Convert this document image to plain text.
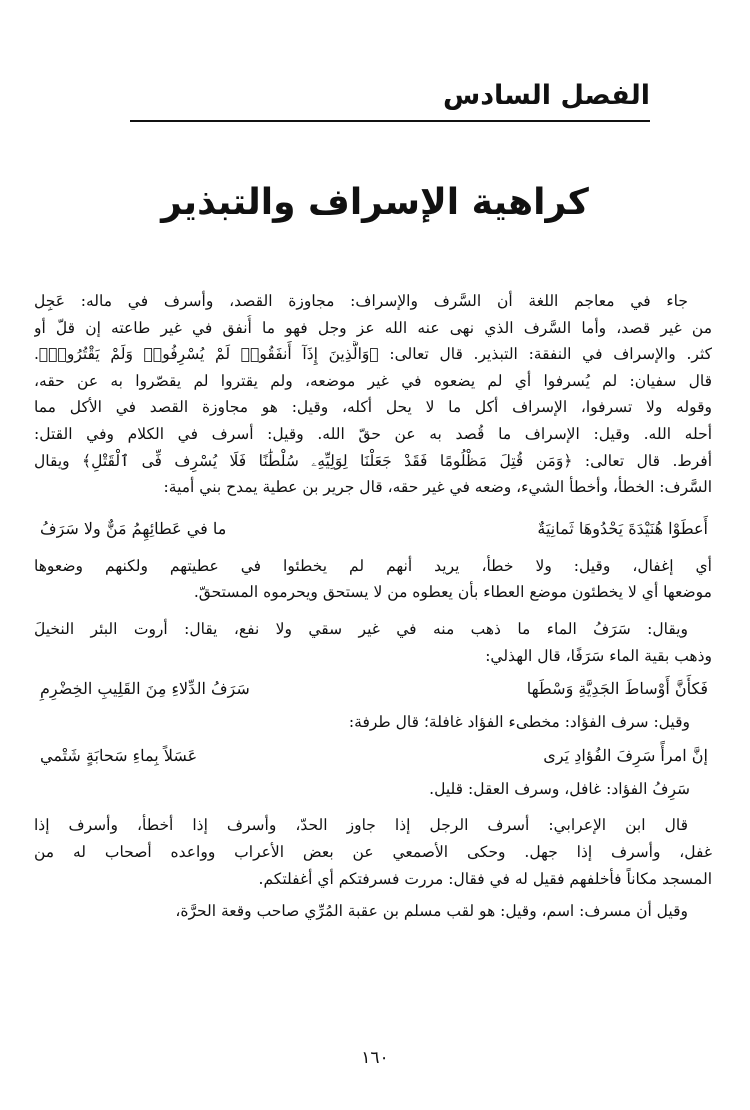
الفصل السادس
كراهية الإسراف والتبذير
جاء في معاجم اللغة أن السَّرف والإسراف: مجاوزة القصد، وأسرف في ماله: عَجِل
من غير قصد، وأما السَّرف الذي نهى عنه الله عز وجل فهو ما أُنفق في غير طاعته إن قلّ أو
كثر. والإسراف في النفقة: التبذير. قال تعالى: ﴿وَالَّذِينَ إِذَآ أَنفَقُوا۟ لَمْ يُسْرِفُوا۟ وَلَمْ يَقْتُرُوا۟﴾.
قال سفيان: لم يُسرفوا أي لم يضعوه في غير موضعه، ولم يقتروا لم يقصّروا به عن حقه،
وقوله ولا تسرفوا، الإسراف أكل ما لا يحل أكله، وقيل: هو مجاوزة القصد في الأكل مما
أحله الله. وقيل: الإسراف ما قُصد به عن حقّ الله. وقيل: أسرف في الكلام وفي القتل:
أفرط. قال تعالى: ﴿وَمَن قُتِلَ مَظْلُومًا فَقَدْ جَعَلْنَا لِوَلِيِّهِۦ سُلْطَٰنًا فَلَا يُسْرِف فِّى ٱلْقَتْلِ﴾ ويقال
السَّرف: الخطأ، وأخطأ الشيء، وضعه في غير حقه، قال جرير بن عطية يمدح بني أمية:
أَعطَوْا هُنَيْدَةَ يَحْدُوهَا ثَمانِيَةٌ
ما في عَطائِهِمُ مَنٌّ ولا سَرَفُ
أي إغفال، وقيل: ولا خطأ، يريد أنهم لم يخطئوا في عطيتهم ولكنهم وضعوها
موضعها أي لا يخطئون موضع العطاء بأن يعطوه من لا يستحق ويحرموه المستحقّ.
ويقال: سَرَفُ الماء ما ذهب منه في غير سقي ولا نفع، يقال: أروت البئر النخيلَ
وذهب بقية الماء سَرَفًا، قال الهذلي:
فَكأَنَّ أَوْساطَ الجَدِيَّةِ وَسْطَها
سَرَفُ الدِّلاءِ مِنَ القَلِيبِ الخِضْرِمِ
وقيل: سرف الفؤاد: مخطىء الفؤاد غافلة؛ قال طرفة:
إنَّ امرأً سَرِفَ الفُؤادِ يَرى
عَسَلاً بِماءِ سَحابَةٍ شَتْمي
سَرِفُ الفؤاد: غافل، وسرف العقل: قليل.
قال ابن الإعرابي: أسرف الرجل إذا جاوز الحدّ، وأسرف إذا أخطأ، وأسرف إذا
غفل، وأسرف إذا جهل. وحكى الأصمعي عن بعض الأعراب وواعده أصحاب له من
المسجد مكاناً فأخلفهم فقيل له في فقال: مررت فسرفتكم أي أغفلتكم.
وقيل أن مسرف: اسم، وقيل: هو لقب مسلم بن عقبة المُرِّي صاحب وقعة الحرَّة،
١٦٠
